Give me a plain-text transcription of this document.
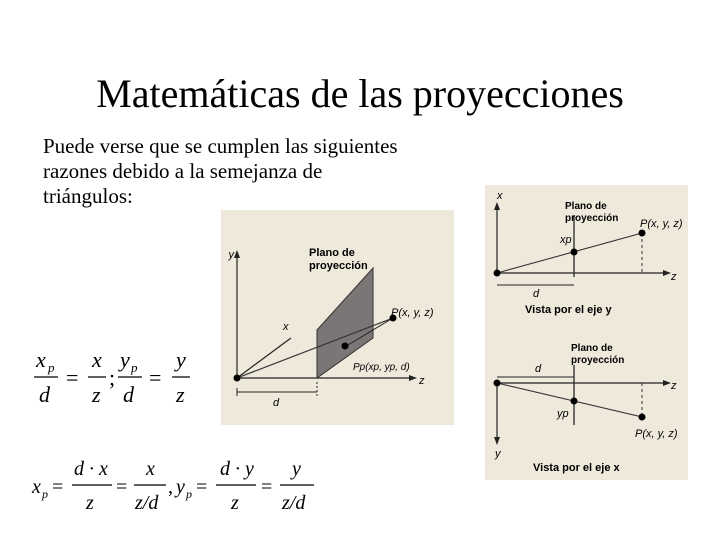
Matemáticas de las proyecciones
Puede verse que se cumplen las siguientes
razones debido a la semejanza de
triángulos:
y
x
z
Plano de
proyección
P(x, y, z)
Pp(xp, yp, d)
d
x
z
Plano de
proyección P(x, y, z)
xp
d
Vista por el eje y
Plano de
proyección
d
z
yp
P(x, y, z)
y
Vista por el eje x
x p
d
=
x
z
;
y p
d
=
y
z
x p =
d · x
z
=
x
z/d
, y p =
d · y
z
=
y
z/d
